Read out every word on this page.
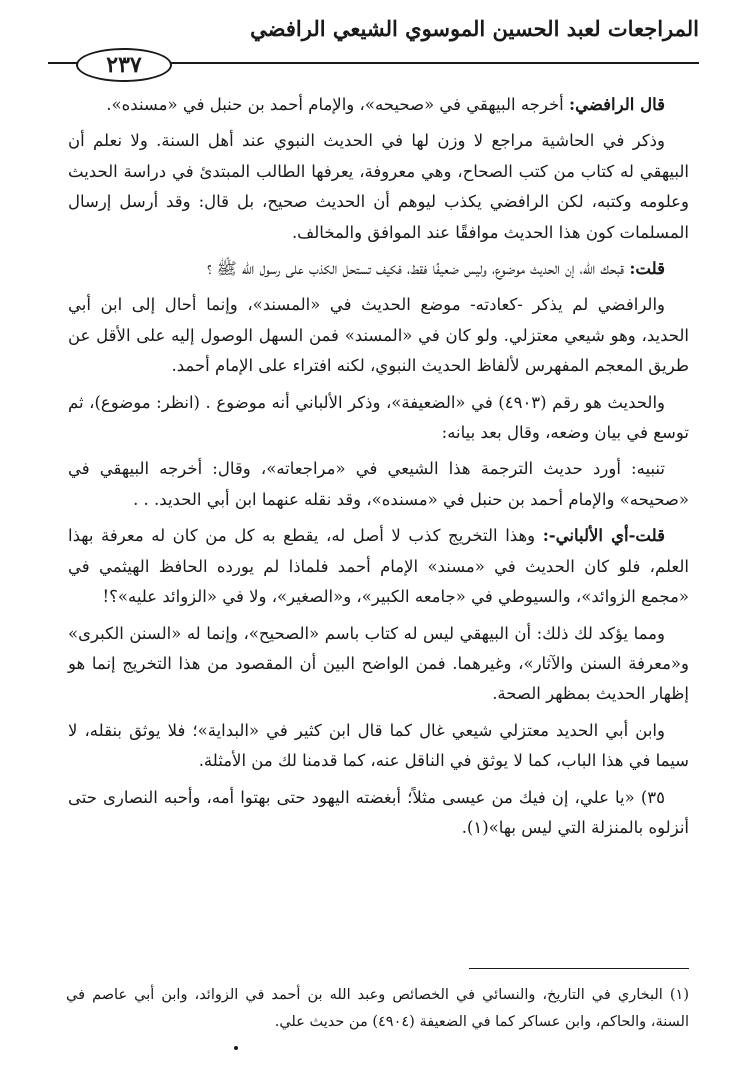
المراجعات لعبد الحسين الموسوي الشيعي الرافضي
٢٣٧

قال الرافضي: أخرجه البيهقي في «صحيحه»، والإمام أحمد بن حنبل في «مسنده».

وذكر في الحاشية مراجع لا وزن لها في الحديث النبوي عند أهل السنة. ولا نعلم أن البيهقي له كتاب من كتب الصحاح، وهي معروفة، يعرفها الطالب المبتدئ في دراسة الحديث وعلومه وكتبه، لكن الرافضي يكذب ليوهم أن الحديث صحيح، بل قال: وقد أرسل إرسال المسلمات كون هذا الحديث موافقًا عند الموافق والمخالف.

قلت: قبحك الله، إن الحديث موضوع، وليس ضعيفًا فقط، فكيف تستحل الكذب على رسول الله ﷺ ؟

والرافضي لم يذكر -كعادته- موضع الحديث في «المسند»، وإنما أحال إلى ابن أبي الحديد، وهو شيعي معتزلي. ولو كان في «المسند» فمن السهل الوصول إليه على الأقل عن طريق المعجم المفهرس لألفاظ الحديث النبوي، لكنه افتراء على الإمام أحمد.

والحديث هو رقم (٤٩٠٣) في «الضعيفة»، وذكر الألباني أنه موضوع . (انظر: موضوع)، ثم توسع في بيان وضعه، وقال بعد بيانه:

تنبيه: أورد حديث الترجمة هذا الشيعي في «مراجعاته»، وقال: أخرجه البيهقي في «صحيحه» والإمام أحمد بن حنبل في «مسنده»، وقد نقله عنهما ابن أبي الحديد. . .

قلت-أي الألباني-: وهذا التخريج كذب لا أصل له، يقطع به كل من كان له معرفة بهذا العلم، فلو كان الحديث في «مسند» الإمام أحمد فلماذا لم يورده الحافظ الهيثمي في «مجمع الزوائد»، والسيوطي في «جامعه الكبير»، و«الصغير»، ولا في «الزوائد عليه»؟!

ومما يؤكد لك ذلك: أن البيهقي ليس له كتاب باسم «الصحيح»، وإنما له «السنن الكبرى» و«معرفة السنن والآثار»، وغيرهما. فمن الواضح البين أن المقصود من هذا التخريج إنما هو إظهار الحديث بمظهر الصحة.

وابن أبي الحديد معتزلي شيعي غال كما قال ابن كثير في «البداية»؛ فلا يوثق بنقله، لا سيما في هذا الباب، كما لا يوثق في الناقل عنه، كما قدمنا لك من الأمثلة.

٣٥) «يا علي، إن فيك من عيسى مثلاً؛ أبغضته اليهود حتى بهتوا أمه، وأحبه النصارى حتى أنزلوه بالمنزلة التي ليس بها»(١).

(١) البخاري في التاريخ، والنسائي في الخصائص وعبد الله بن أحمد في الزوائد، وابن أبي عاصم في السنة، والحاكم، وابن عساكر كما في الضعيفة (٤٩٠٤) من حديث علي.
